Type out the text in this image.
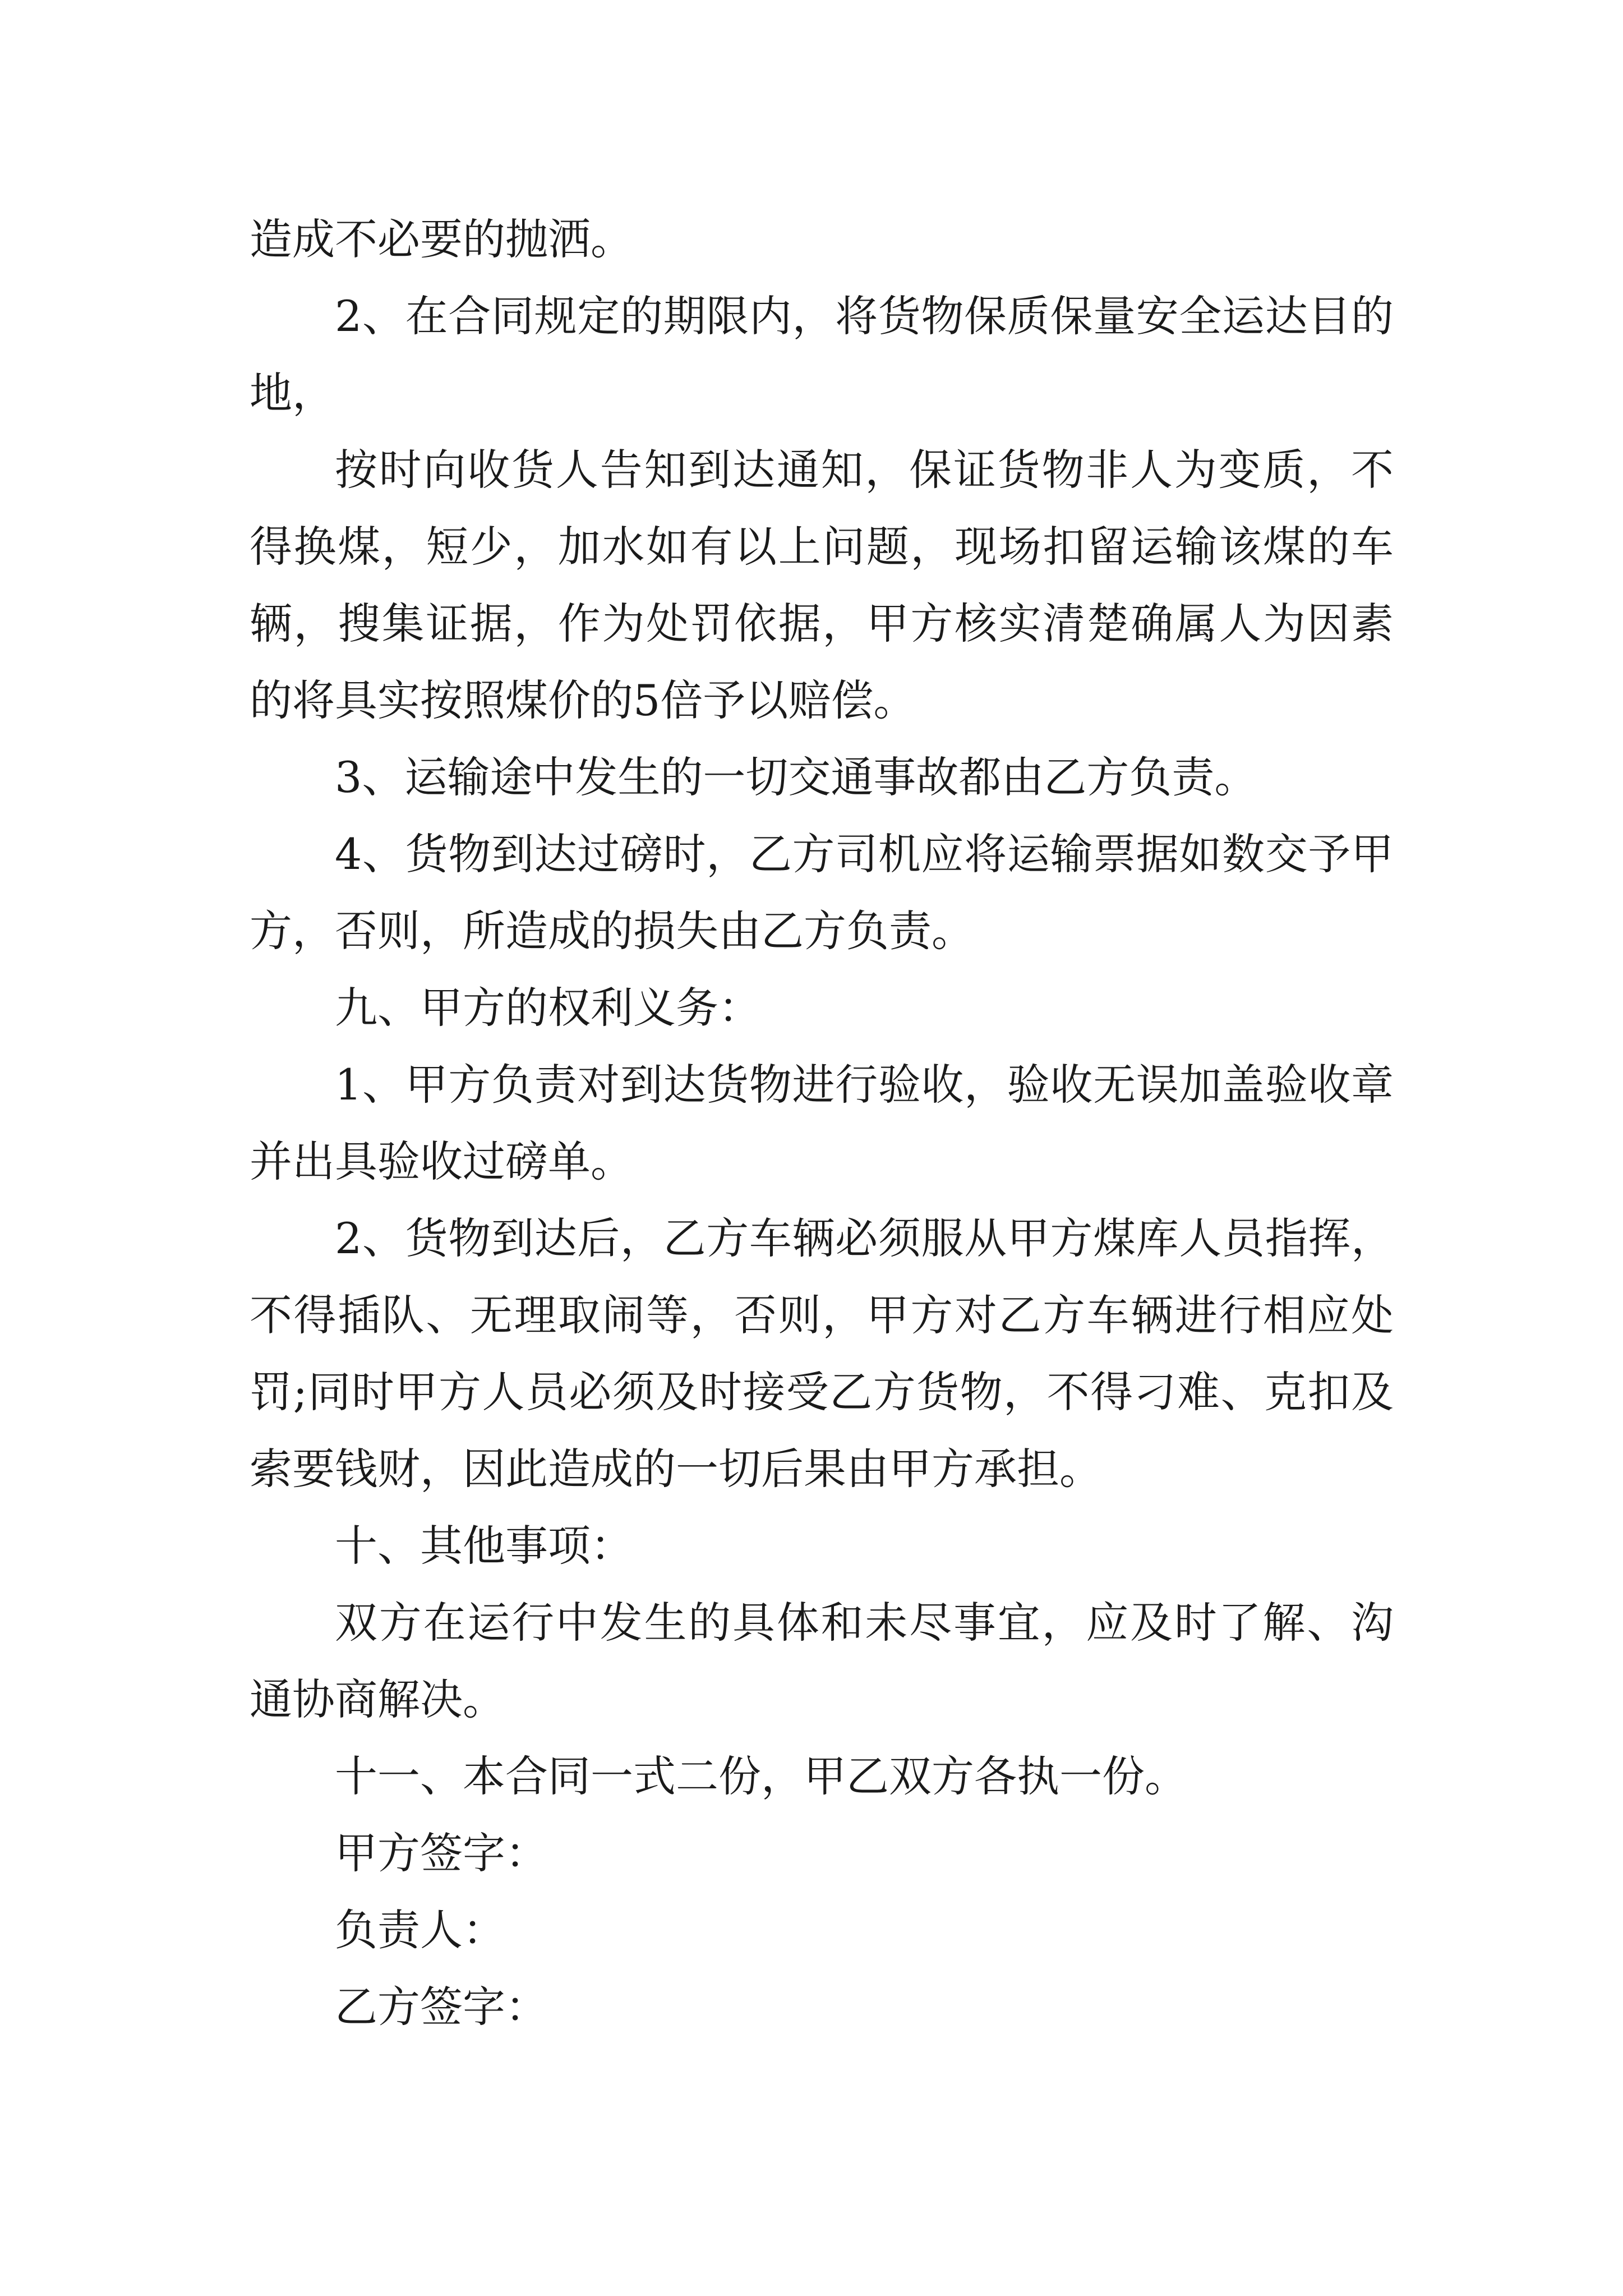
造成不必要的抛洒。

2、在合同规定的期限内，将货物保质保量安全运达目的地，

按时向收货人告知到达通知，保证货物非人为变质，不得换煤，短少，加水如有以上问题，现场扣留运输该煤的车辆，搜集证据，作为处罚依据，甲方核实清楚确属人为因素的将具实按照煤价的5倍予以赔偿。

3、运输途中发生的一切交通事故都由乙方负责。

4、货物到达过磅时，乙方司机应将运输票据如数交予甲方，否则，所造成的损失由乙方负责。

九、甲方的权利义务：

1、甲方负责对到达货物进行验收，验收无误加盖验收章并出具验收过磅单。

2、货物到达后，乙方车辆必须服从甲方煤库人员指挥，不得插队、无理取闹等，否则，甲方对乙方车辆进行相应处罚;同时甲方人员必须及时接受乙方货物，不得刁难、克扣及索要钱财，因此造成的一切后果由甲方承担。

十、其他事项：

双方在运行中发生的具体和未尽事宜，应及时了解、沟通协商解决。

十一、本合同一式二份，甲乙双方各执一份。

甲方签字：

负责人：

乙方签字：
